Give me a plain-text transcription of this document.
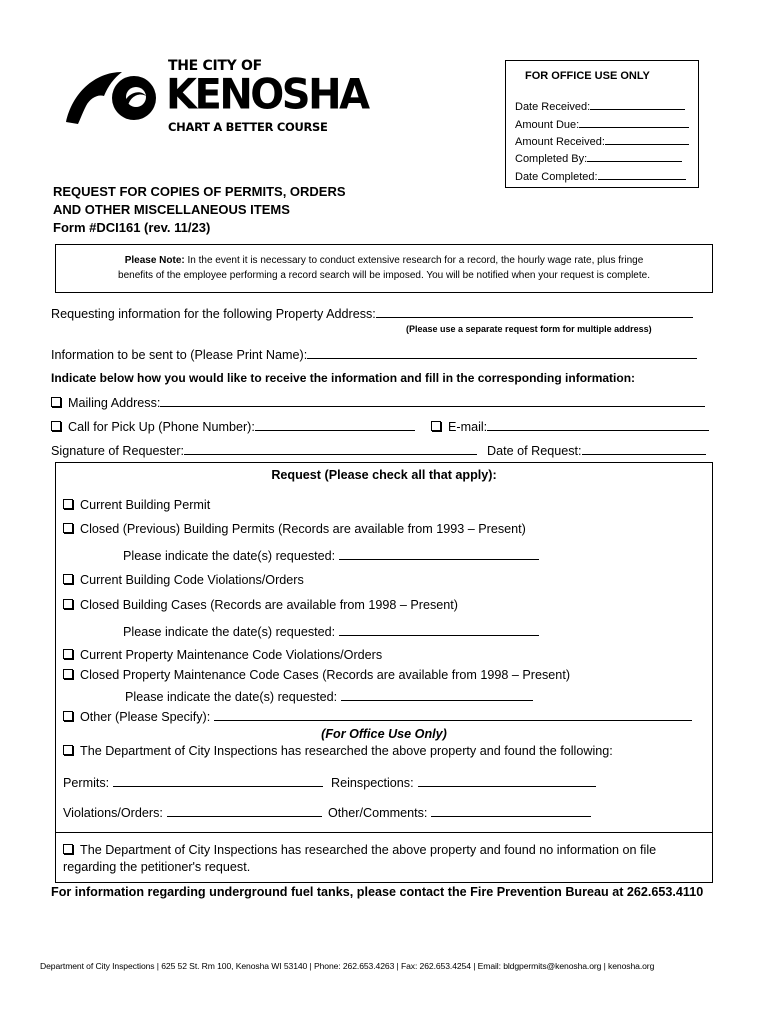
THE CITY OF
KENOSHA
CHART A BETTER COURSE
FOR OFFICE USE ONLY
Date Received:
Amount Due:
Amount Received:
Completed By:
Date Completed:
REQUEST FOR COPIES OF PERMITS, ORDERS
AND OTHER MISCELLANEOUS ITEMS
Form #DCI161 (rev. 11/23)
Please Note: In the event it is necessary to conduct extensive research for a record, the hourly wage rate, plus fringe
benefits of the employee performing a record search will be imposed. You will be notified when your request is complete.
Requesting information for the following Property Address:
(Please use a separate request form for multiple address)
Information to be sent to (Please Print Name):
Indicate below how you would like to receive the information and fill in the corresponding information:
Mailing Address:
Call for Pick Up (Phone Number):	E-mail:
Signature of Requester:	Date of Request:
Request (Please check all that apply):
Current Building Permit
Closed (Previous) Building Permits (Records are available from 1993 – Present)
Please indicate the date(s) requested:
Current Building Code Violations/Orders
Closed Building Cases (Records are available from 1998 – Present)
Please indicate the date(s) requested:
Current Property Maintenance Code Violations/Orders
Closed Property Maintenance Code Cases (Records are available from 1998 – Present)
Please indicate the date(s) requested:
Other (Please Specify):
(For Office Use Only)
The Department of City Inspections has researched the above property and found the following:
Permits:	Reinspections:
Violations/Orders:	Other/Comments:
The Department of City Inspections has researched the above property and found no information on file
regarding the petitioner's request.
For information regarding underground fuel tanks, please contact the Fire Prevention Bureau at 262.653.4110
Department of City Inspections | 625 52 St. Rm 100, Kenosha WI 53140 | Phone: 262.653.4263 | Fax: 262.653.4254 | Email: bldgpermits@kenosha.org | kenosha.org
